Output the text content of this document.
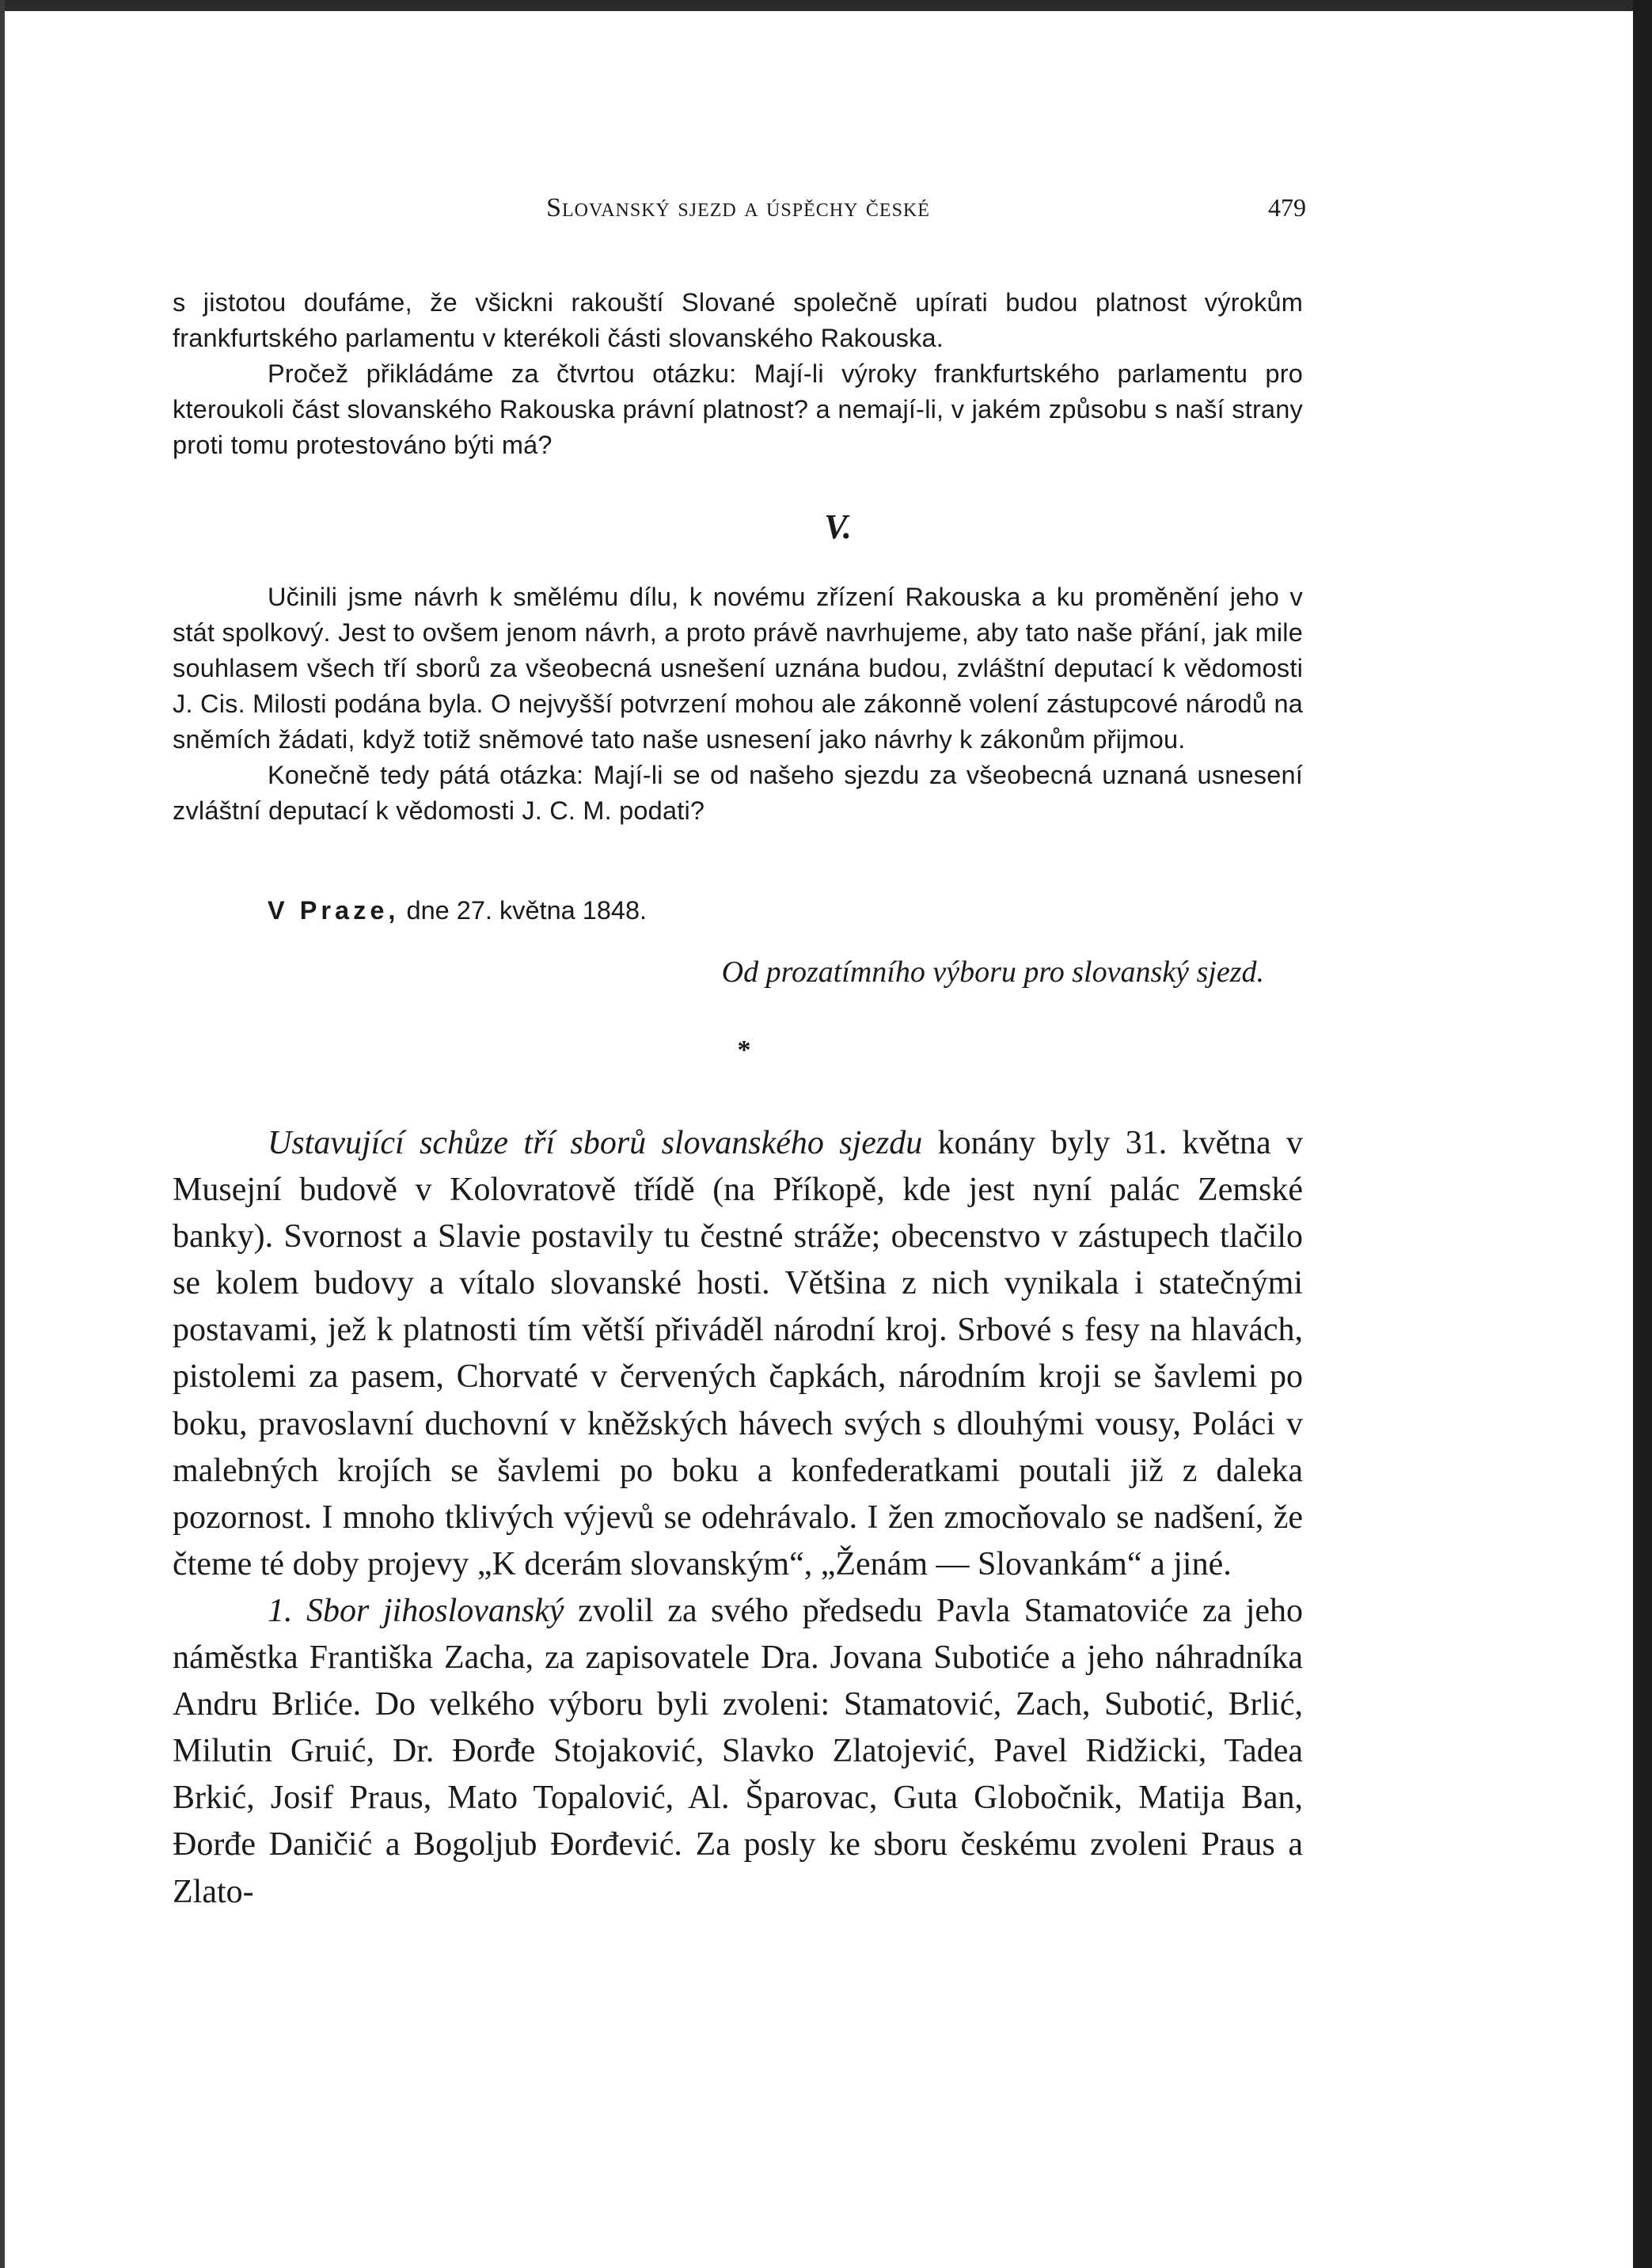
Slovanský sjezd a úspěchy české	479

s jistotou doufáme, že všickni rakouští Slované společně upírati budou platnost výrokům frankfurtského parlamentu v kterékoli části slovanského Rakouska.

Pročež přikládáme za čtvrtou otázku: Mají-li výroky frankfurtského parlamentu pro kteroukoli část slovanského Rakouska právní platnost? a nemají-li, v jakém způsobu s naší strany proti tomu protestováno býti má?

V.

Učinili jsme návrh k smělému dílu, k novému zřízení Rakouska a ku proměnění jeho v stát spolkový. Jest to ovšem jenom návrh, a proto právě navrhujeme, aby tato naše přání, jak mile souhlasem všech tří sborů za všeobecná usnešení uznána budou, zvláštní deputací k vědomosti J. Cis. Milosti podána byla. O nejvyšší potvrzení mohou ale zákonně volení zástupcové národů na sněmích žádati, když totiž sněmové tato naše usnesení jako návrhy k zákonům přijmou.

Konečně tedy pátá otázka: Mají-li se od našeho sjezdu za všeobecná uznaná usnesení zvláštní deputací k vědomosti J. C. M. podati?

V Praze, dne 27. května 1848.
Od prozatímního výboru pro slovanský sjezd.
*

Ustavující schůze tří sborů slovanského sjezdu konány byly 31. května v Musejní budově v Kolovratově třídě (na Příkopě, kde jest nyní palác Zemské banky). Svornost a Slavie postavily tu čestné stráže; obecenstvo v zástupech tlačilo se kolem budovy a vítalo slovanské hosti. Většina z nich vynikala i statečnými postavami, jež k platnosti tím větší přiváděl národní kroj. Srbové s fesy na hlavách, pistolemi za pasem, Chorvaté v červených čapkách, národním kroji se šavlemi po boku, pravoslavní duchovní v kněžských hávech svých s dlouhými vousy, Poláci v malebných krojích se šavlemi po boku a konfederatkami poutali již z daleka pozornost. I mnoho tklivých výjevů se odehrávalo. I žen zmocňovalo se nadšení, že čteme té doby projevy „K dcerám slovanským“, „Ženám — Slovankám“ a jiné.

1. Sbor jihoslovanský zvolil za svého předsedu Pavla Stamatoviće za jeho náměstka Františka Zacha, za zapisovatele Dra. Jovana Subotiće a jeho náhradníka Andru Brliće. Do velkého výboru byli zvoleni: Stamatović, Zach, Subotić, Brlić, Milutin Gruić, Dr. Đorđe Stojaković, Slavko Zlatojević, Pavel Ridžicki, Tadea Brkić, Josif Praus, Mato Topalović, Al. Šparovac, Guta Globočnik, Matija Ban, Đorđe Daničić a Bogoljub Đorđević. Za posly ke sboru českému zvoleni Praus a Zlato-
